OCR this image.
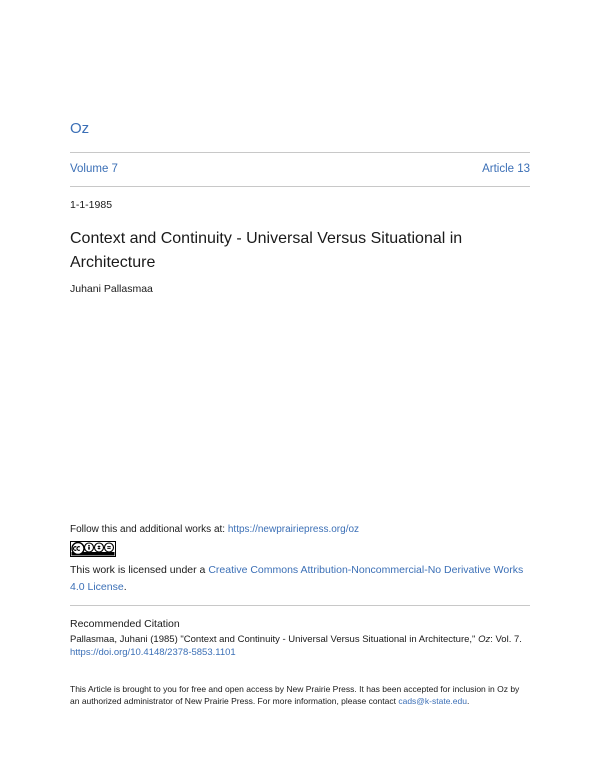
Oz
Volume 7	Article 13
1-1-1985
Context and Continuity - Universal Versus Situational in Architecture
Juhani Pallasmaa
Follow this and additional works at: https://newprairiepress.org/oz
This work is licensed under a Creative Commons Attribution-Noncommercial-No Derivative Works 4.0 License.
Recommended Citation
Pallasmaa, Juhani (1985) "Context and Continuity - Universal Versus Situational in Architecture," Oz: Vol. 7. https://doi.org/10.4148/2378-5853.1101
This Article is brought to you for free and open access by New Prairie Press. It has been accepted for inclusion in Oz by an authorized administrator of New Prairie Press. For more information, please contact cads@k-state.edu.
